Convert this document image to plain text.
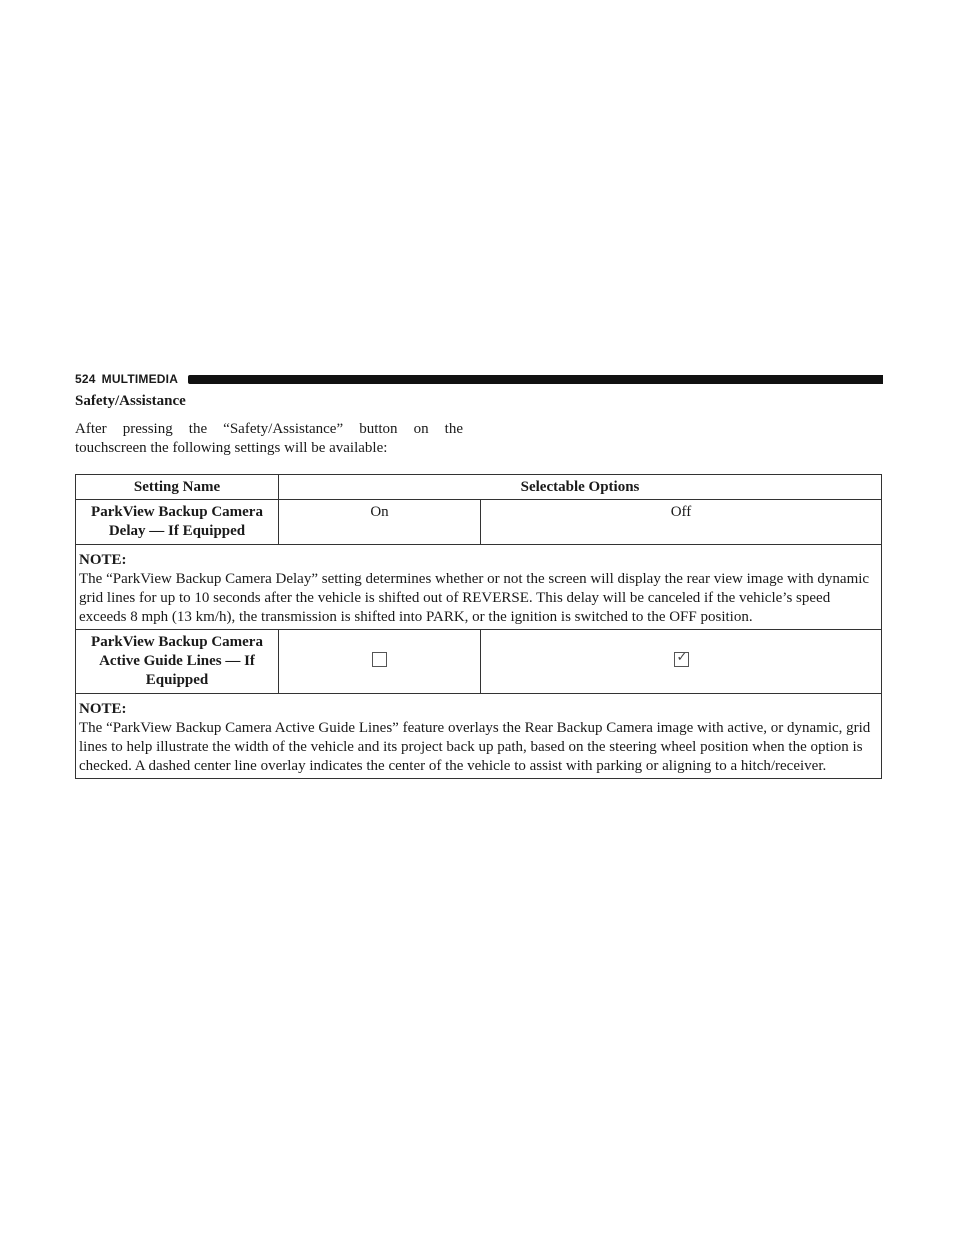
524 MULTIMEDIA
Safety/Assistance
After pressing the “Safety/Assistance” button on the touchscreen the following settings will be available:
Setting Name	Selectable Options	
ParkView Backup Camera Delay — If Equipped	On	Off

NOTE:
The “ParkView Backup Camera Delay” setting determines whether or not the screen will display the rear view image with dynamic grid lines for up to 10 seconds after the vehicle is shifted out of REVERSE. This delay will be canceled if the vehicle’s speed exceeds 8 mph (13 km/h), the transmission is shifted into PARK, or the ignition is switched to the OFF position.		

ParkView Backup Camera Active Guide Lines — If Equipped		✓

NOTE:
The “ParkView Backup Camera Active Guide Lines” feature overlays the Rear Backup Camera image with active, or dynamic, grid lines to help illustrate the width of the vehicle and its project back up path, based on the steering wheel position when the option is checked. A dashed center line overlay indicates the center of the vehicle to assist with parking or aligning to a hitch/receiver.		
